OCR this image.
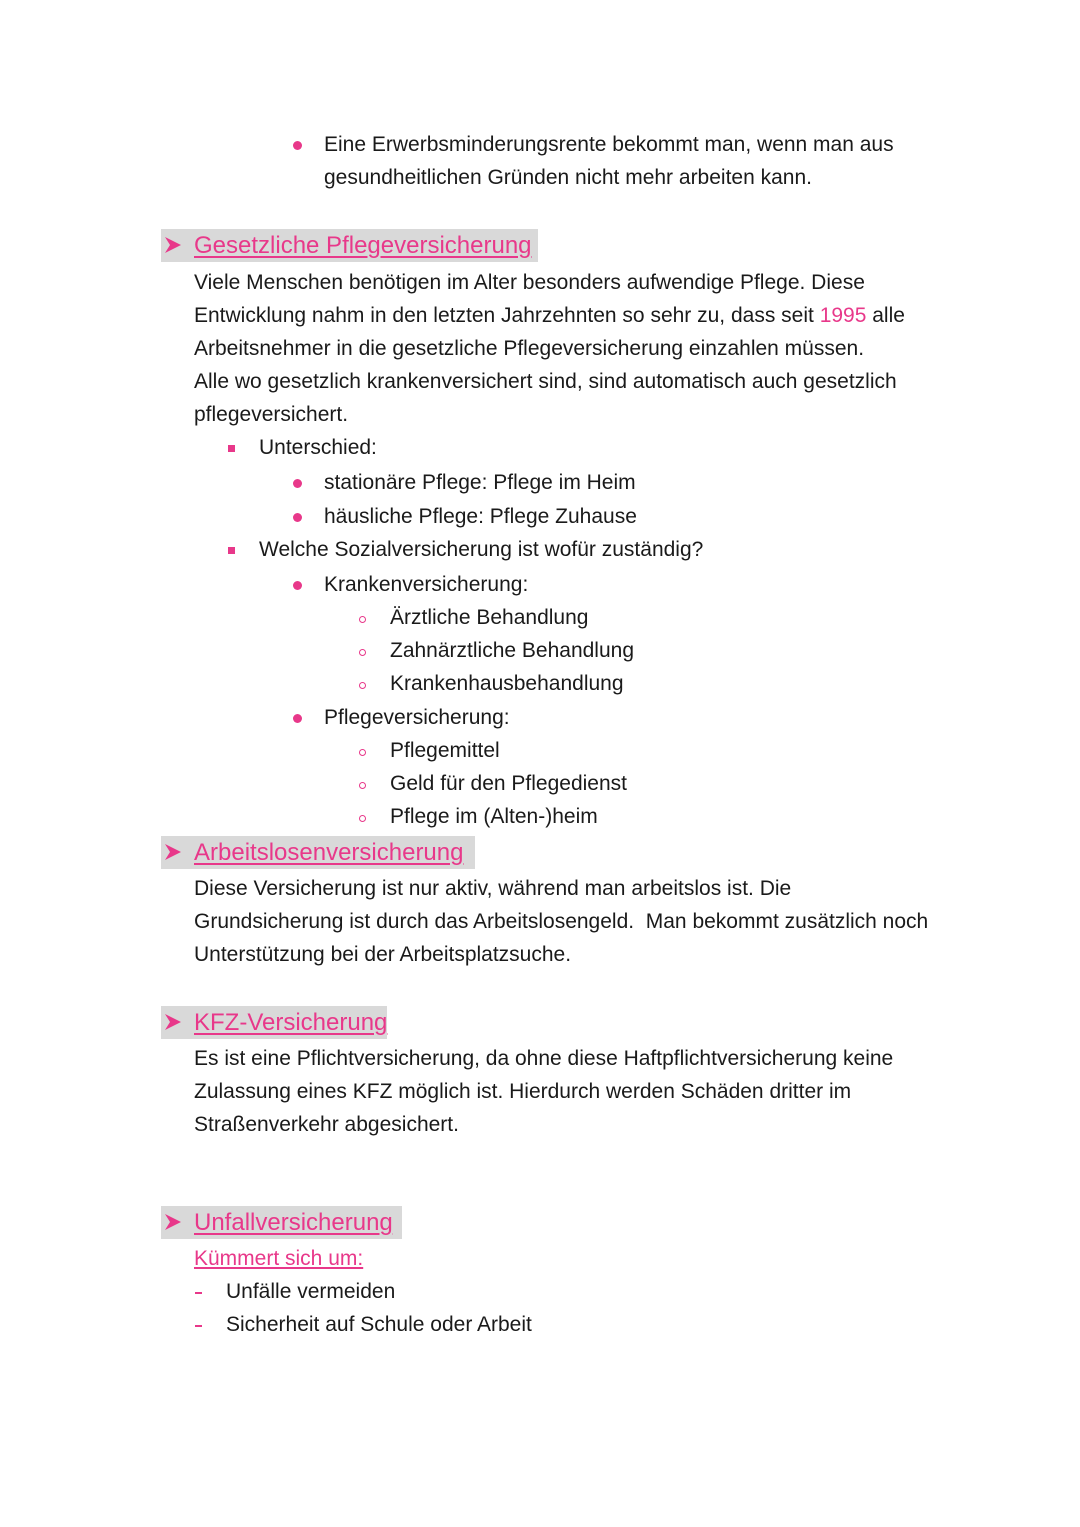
Eine Erwerbsminderungsrente bekommt man, wenn man aus
gesundheitlichen Gründen nicht mehr arbeiten kann.
Gesetzliche Pflegeversicherung
Viele Menschen benötigen im Alter besonders aufwendige Pflege. Diese
Entwicklung nahm in den letzten Jahrzehnten so sehr zu, dass seit 1995 alle
Arbeitsnehmer in die gesetzliche Pflegeversicherung einzahlen müssen.
Alle wo gesetzlich krankenversichert sind, sind automatisch auch gesetzlich
pflegeversichert.
Unterschied:
stationäre Pflege: Pflege im Heim
häusliche Pflege: Pflege Zuhause
Welche Sozialversicherung ist wofür zuständig?
Krankenversicherung:
Ärztliche Behandlung
Zahnärztliche Behandlung
Krankenhausbehandlung
Pflegeversicherung:
Pflegemittel
Geld für den Pflegedienst
Pflege im (Alten-)heim
Arbeitslosenversicherung
Diese Versicherung ist nur aktiv, während man arbeitslos ist. Die
Grundsicherung ist durch das Arbeitslosengeld.  Man bekommt zusätzlich noch
Unterstützung bei der Arbeitsplatzsuche.
KFZ-Versicherung
Es ist eine Pflichtversicherung, da ohne diese Haftpflichtversicherung keine
Zulassung eines KFZ möglich ist. Hierdurch werden Schäden dritter im
Straßenverkehr abgesichert.
Unfallversicherung
Kümmert sich um:
Unfälle vermeiden
Sicherheit auf Schule oder Arbeit
